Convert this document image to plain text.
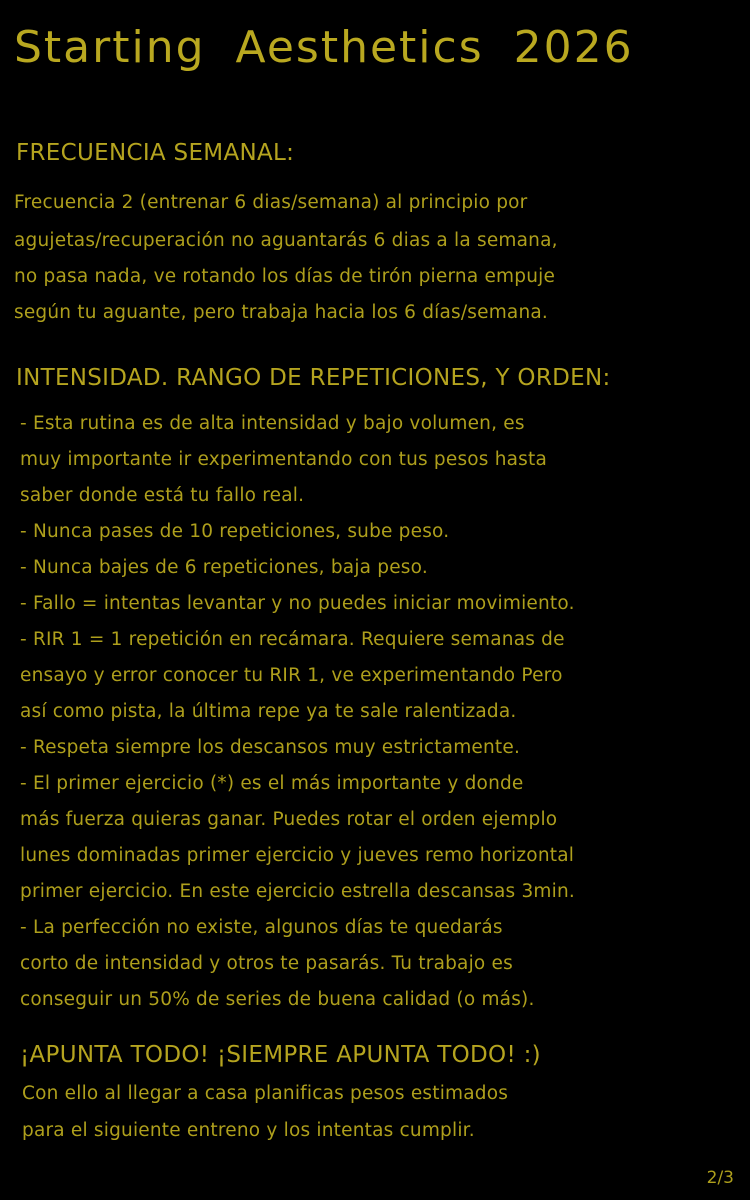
Starting Aesthetics 2026
FRECUENCIA SEMANAL:
Frecuencia 2 (entrenar 6 dias/semana) al principio por
agujetas/recuperación no aguantarás 6 dias a la semana,
no pasa nada, ve rotando los días de tirón pierna empuje
según tu aguante, pero trabaja hacia los 6 días/semana.
INTENSIDAD. RANGO DE REPETICIONES, Y ORDEN:
- Esta rutina es de alta intensidad y bajo volumen, es
muy importante ir experimentando con tus pesos hasta
saber donde está tu fallo real.
- Nunca pases de 10 repeticiones, sube peso.
- Nunca bajes de 6 repeticiones, baja peso.
- Fallo = intentas levantar y no puedes iniciar movimiento.
- RIR 1 = 1 repetición en recámara. Requiere semanas de
ensayo y error conocer tu RIR 1, ve experimentando Pero
así como pista, la última repe ya te sale ralentizada.
- Respeta siempre los descansos muy estrictamente.
- El primer ejercicio (*) es el más importante y donde
más fuerza quieras ganar. Puedes rotar el orden ejemplo
lunes dominadas primer ejercicio y jueves remo horizontal
primer ejercicio. En este ejercicio estrella descansas 3min.
- La perfección no existe, algunos días te quedarás
corto de intensidad y otros te pasarás. Tu trabajo es
conseguir un 50% de series de buena calidad (o más).
¡APUNTA TODO! ¡SIEMPRE APUNTA TODO! :)
Con ello al llegar a casa planificas pesos estimados
para el siguiente entreno y los intentas cumplir.
2/3
